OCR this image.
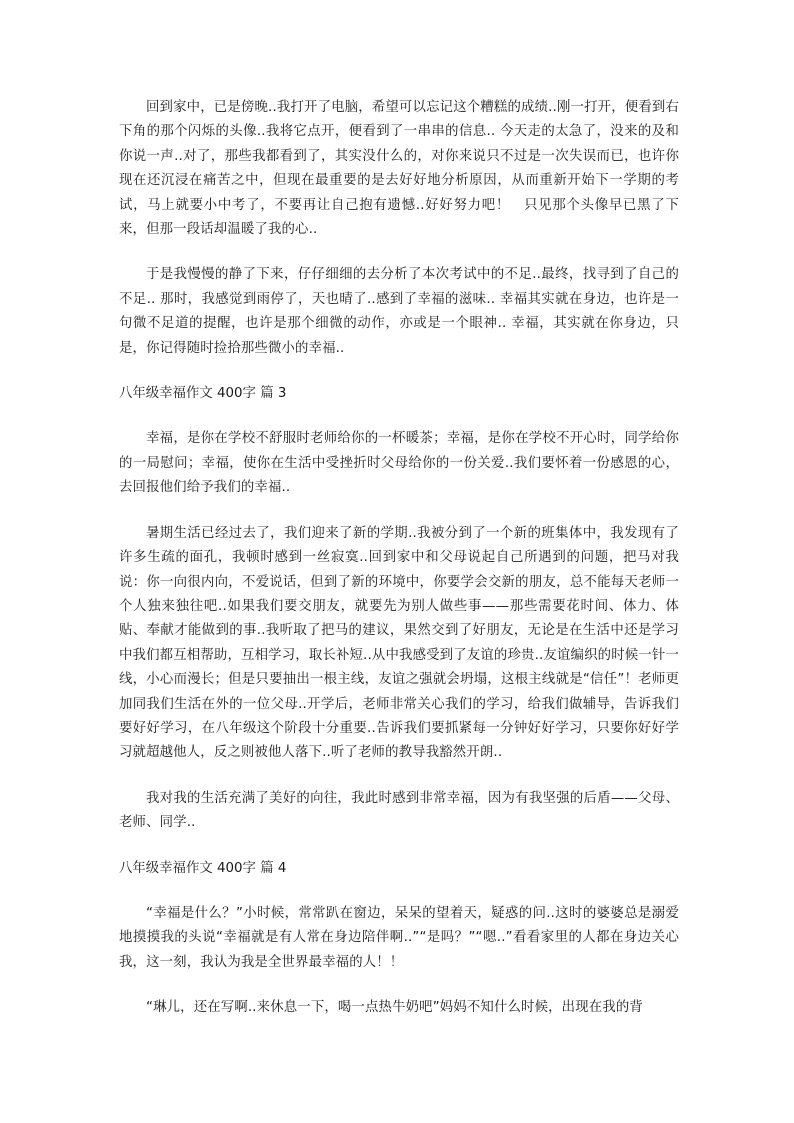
回到家中，已是傍晚..我打开了电脑，希望可以忘记这个糟糕的成绩..刚一打开，便看到右下角的那个闪烁的头像..我将它点开，便看到了一串串的信息.. 今天走的太急了，没来的及和你说一声..对了，那些我都看到了，其实没什么的，对你来说只不过是一次失误而已，也许你现在还沉浸在痛苦之中，但现在最重要的是去好好地分析原因，从而重新开始下一学期的考试，马上就要小中考了，不要再让自己抱有遗憾..好好努力吧！　只见那个头像早已黑了下来，但那一段话却温暖了我的心..

于是我慢慢的静了下来，仔仔细细的去分析了本次考试中的不足..最终，找寻到了自己的不足.. 那时，我感觉到雨停了，天也晴了..感到了幸福的滋味.. 幸福其实就在身边，也许是一句微不足道的提醒，也许是那个细微的动作，亦或是一个眼神.. 幸福，其实就在你身边，只是，你记得随时捡拾那些微小的幸福..

八年级幸福作文 400字 篇 3

幸福，是你在学校不舒服时老师给你的一杯暖茶；幸福，是你在学校不开心时，同学给你的一局慰问；幸福，使你在生活中受挫折时父母给你的一份关爱..我们要怀着一份感恩的心，去回报他们给予我们的幸福..

暑期生活已经过去了，我们迎来了新的学期..我被分到了一个新的班集体中，我发现有了许多生疏的面孔，我顿时感到一丝寂寞..回到家中和父母说起自己所遇到的问题，把马对我说：你一向很内向，不爱说话，但到了新的环境中，你要学会交新的朋友，总不能每天老师一个人独来独往吧..如果我们要交朋友，就要先为别人做些事——那些需要花时间、体力、体贴、奉献才能做到的事..我听取了把马的建议，果然交到了好朋友，无论是在生活中还是学习中我们都互相帮助，互相学习，取长补短..从中我感受到了友谊的珍贵..友谊编织的时候一针一线，小心而漫长；但是只要抽出一根主线，友谊之强就会坍塌，这根主线就是“信任”！老师更加同我们生活在外的一位父母..开学后，老师非常关心我们的学习，给我们做辅导，告诉我们要好好学习，在八年级这个阶段十分重要..告诉我们要抓紧每一分钟好好学习，只要你好好学习就超越他人，反之则被他人落下..听了老师的教导我豁然开朗..

我对我的生活充满了美好的向往，我此时感到非常幸福，因为有我坚强的后盾——父母、老师、同学..

八年级幸福作文 400字 篇 4

“幸福是什么？”小时候，常常趴在窗边，呆呆的望着天，疑惑的问..这时的婆婆总是溺爱地摸摸我的头说“幸福就是有人常在身边陪伴啊..”“是吗？”“嗯..”看看家里的人都在身边关心我，这一刻，我认为我是全世界最幸福的人！！

“琳儿，还在写啊..来休息一下，喝一点热牛奶吧”妈妈不知什么时候，出现在我的背
